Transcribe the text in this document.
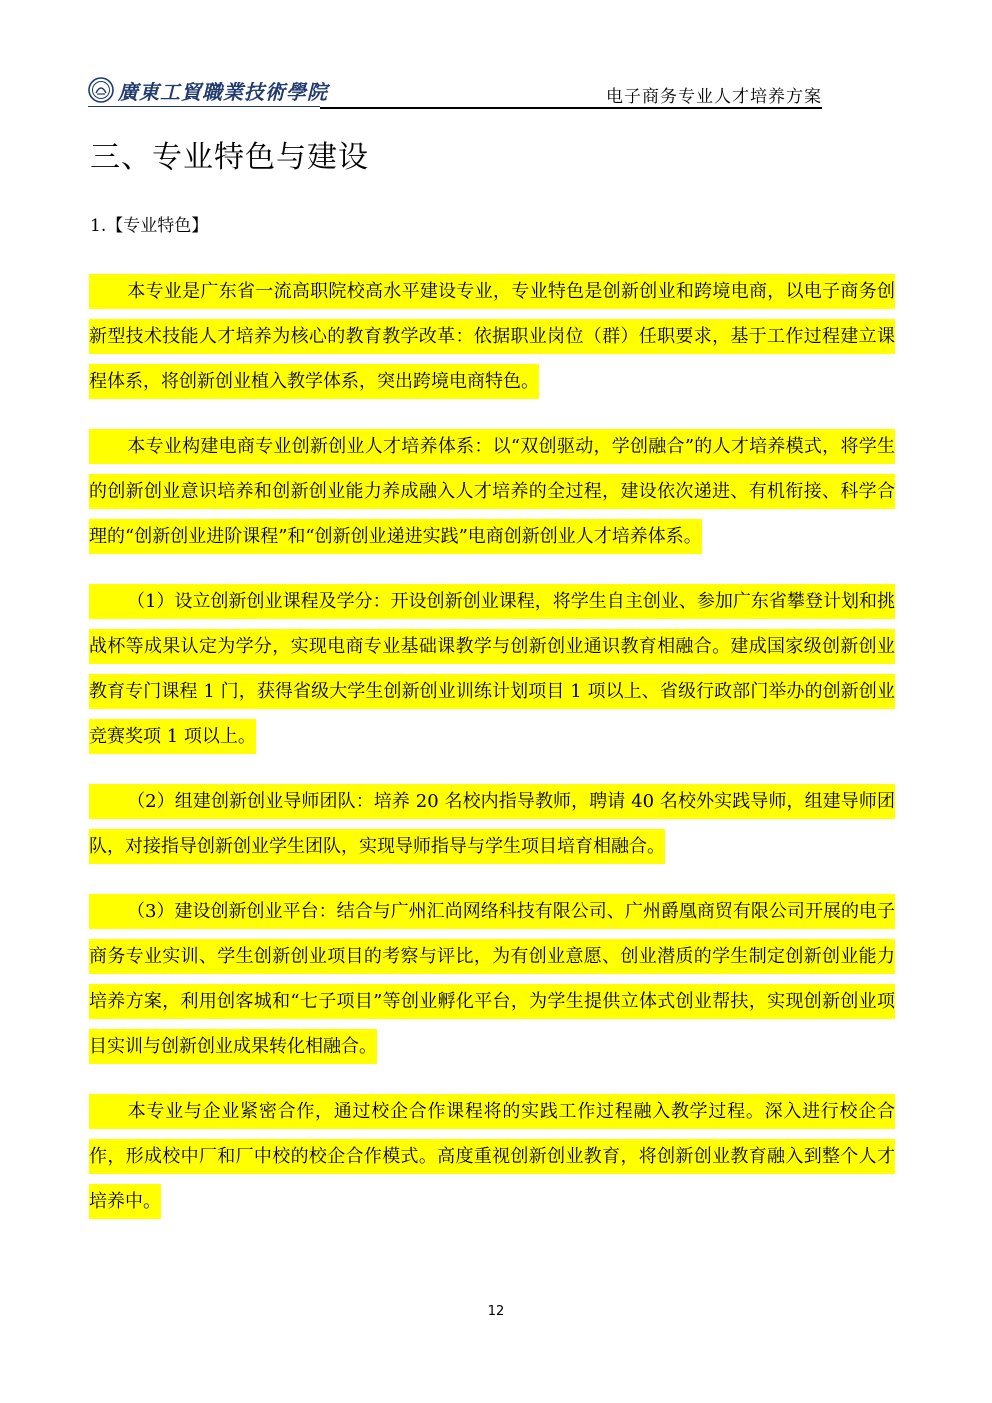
廣東工貿職業技術學院	电子商务专业人才培养方案
三、专业特色与建设
1.【专业特色】

本专业是广东省一流高职院校高水平建设专业，专业特色是创新创业和跨境电商，以电子商务创新型技术技能人才培养为核心的教育教学改革：依据职业岗位（群）任职要求，基于工作过程建立课程体系，将创新创业植入教学体系，突出跨境电商特色。

本专业构建电商专业创新创业人才培养体系：以“双创驱动，学创融合”的人才培养模式，将学生的创新创业意识培养和创新创业能力养成融入人才培养的全过程，建设依次递进、有机衔接、科学合理的“创新创业进阶课程”和“创新创业递进实践”电商创新创业人才培养体系。

（1）设立创新创业课程及学分：开设创新创业课程，将学生自主创业、参加广东省攀登计划和挑战杯等成果认定为学分，实现电商专业基础课教学与创新创业通识教育相融合。建成国家级创新创业教育专门课程 1 门，获得省级大学生创新创业训练计划项目 1 项以上、省级行政部门举办的创新创业竞赛奖项 1 项以上。

（2）组建创新创业导师团队：培养 20 名校内指导教师，聘请 40 名校外实践导师，组建导师团队，对接指导创新创业学生团队，实现导师指导与学生项目培育相融合。

（3）建设创新创业平台：结合与广州汇尚网络科技有限公司、广州爵凰商贸有限公司开展的电子商务专业实训、学生创新创业项目的考察与评比，为有创业意愿、创业潜质的学生制定创新创业能力培养方案，利用创客城和“七子项目”等创业孵化平台，为学生提供立体式创业帮扶，实现创新创业项目实训与创新创业成果转化相融合。

本专业与企业紧密合作，通过校企合作课程将的实践工作过程融入教学过程。深入进行校企合作，形成校中厂和厂中校的校企合作模式。高度重视创新创业教育，将创新创业教育融入到整个人才培养中。

12
